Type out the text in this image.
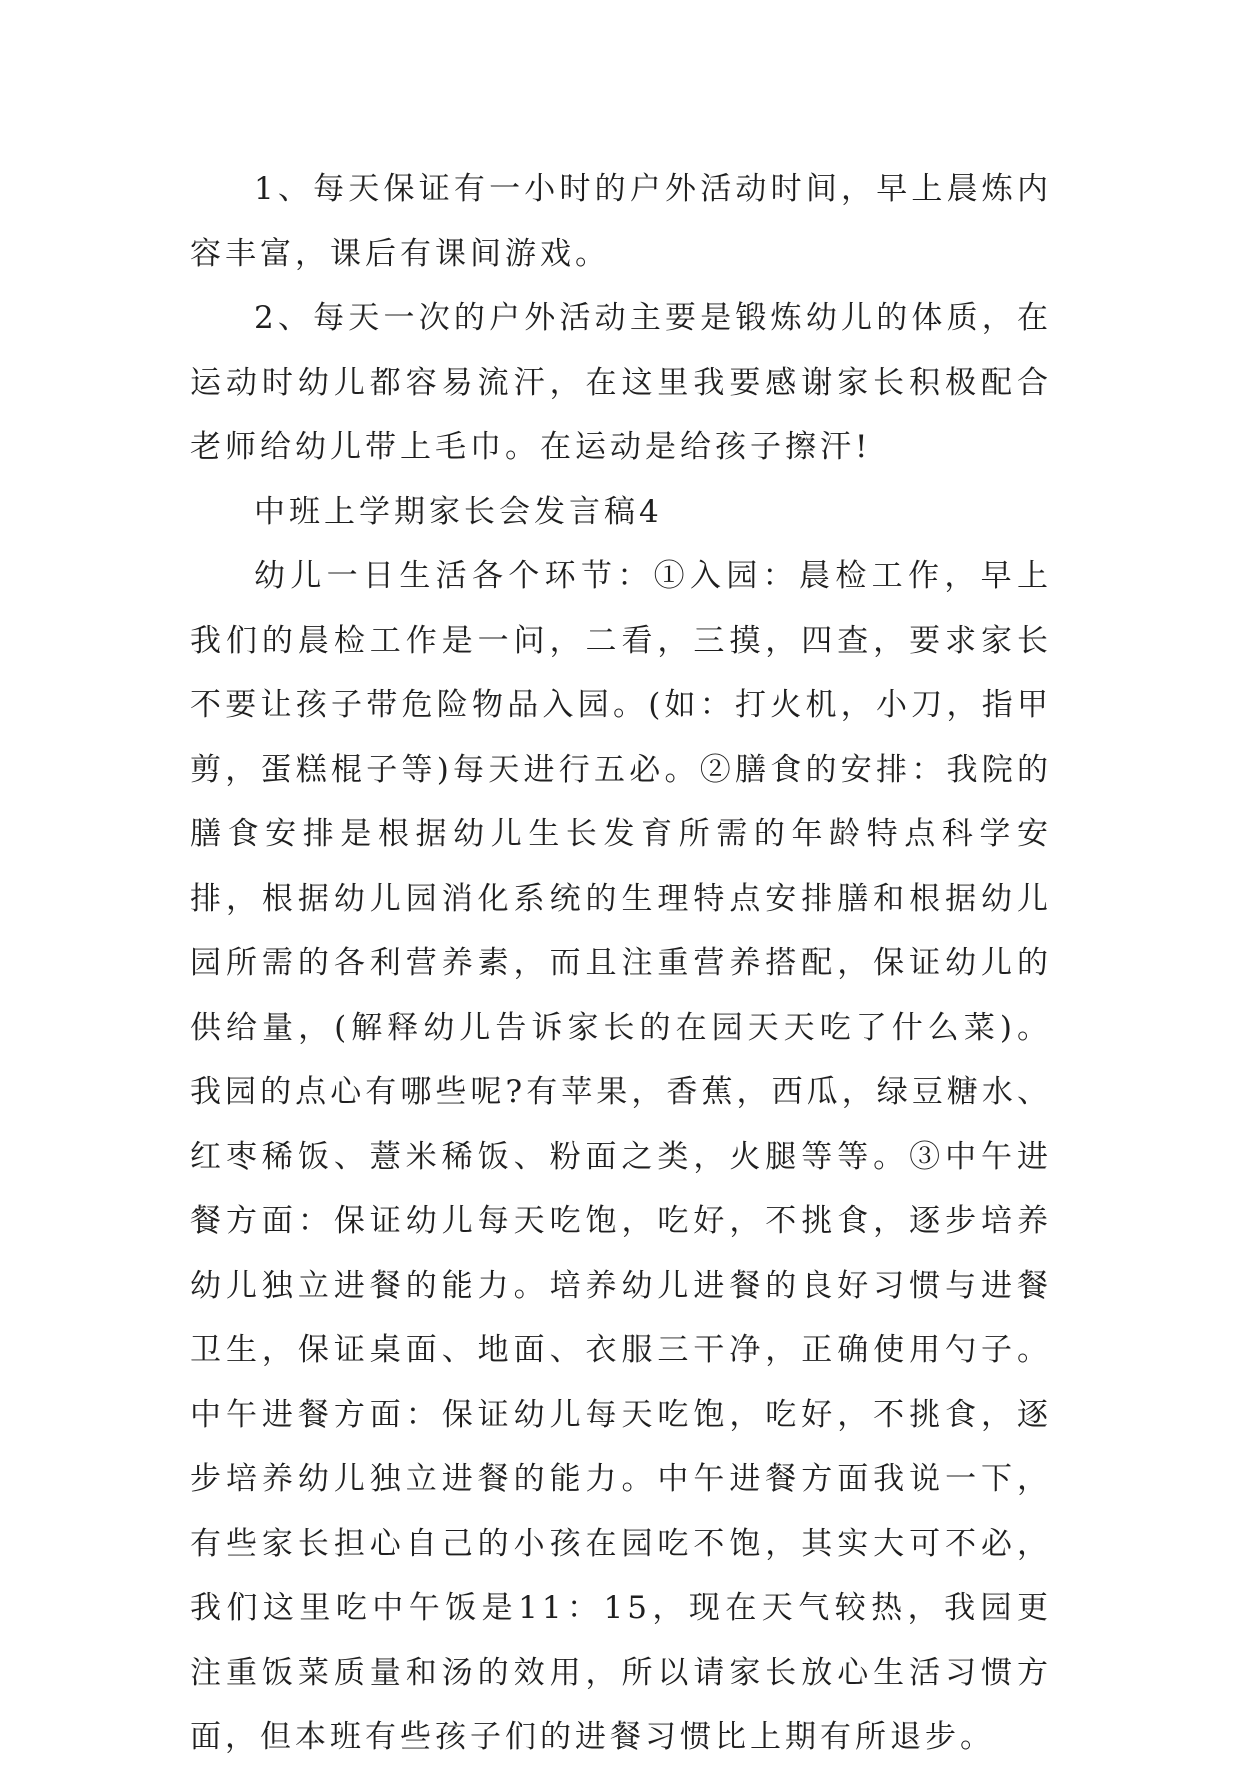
1、每天保证有一小时的户外活动时间，早上晨炼内容丰富，课后有课间游戏。

2、每天一次的户外活动主要是锻炼幼儿的体质，在运动时幼儿都容易流汗，在这里我要感谢家长积极配合老师给幼儿带上毛巾。在运动是给孩子擦汗!

中班上学期家长会发言稿4

幼儿一日生活各个环节：①入园：晨检工作，早上我们的晨检工作是一问，二看，三摸，四查，要求家长不要让孩子带危险物品入园。(如：打火机，小刀，指甲剪，蛋糕棍子等)每天进行五必。②膳食的安排：我院的膳食安排是根据幼儿生长发育所需的年龄特点科学安排，根据幼儿园消化系统的生理特点安排膳和根据幼儿园所需的各利营养素，而且注重营养搭配，保证幼儿的供给量，(解释幼儿告诉家长的在园天天吃了什么菜)。我园的点心有哪些呢?有苹果，香蕉，西瓜，绿豆糖水、红枣稀饭、薏米稀饭、粉面之类，火腿等等。③中午进餐方面：保证幼儿每天吃饱，吃好，不挑食，逐步培养幼儿独立进餐的能力。培养幼儿进餐的良好习惯与进餐卫生，保证桌面、地面、衣服三干净，正确使用勺子。中午进餐方面：保证幼儿每天吃饱，吃好，不挑食，逐步培养幼儿独立进餐的能力。中午进餐方面我说一下，有些家长担心自己的小孩在园吃不饱，其实大可不必，我们这里吃中午饭是11：15，现在天气较热，我园更注重饭菜质量和汤的效用，所以请家长放心生活习惯方面，但本班有些孩子们的进餐习惯比上期有所退步。
